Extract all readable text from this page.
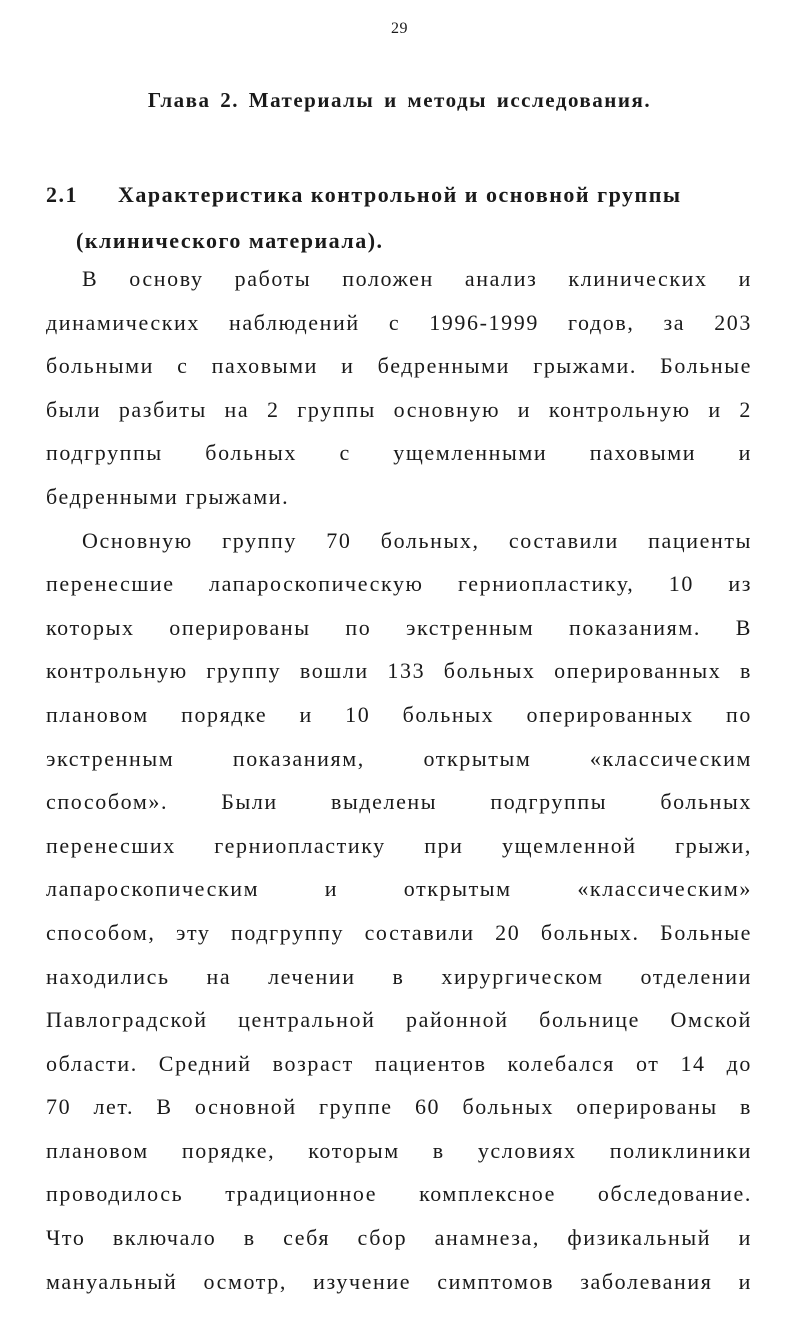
29
Глава 2. Материалы и методы исследования.
2.1 Характеристика контрольной и основной группы
(клинического материала).
В основу работы положен анализ клинических и
динамических наблюдений с 1996-1999 годов, за 203
больными с паховыми и бедренными грыжами. Больные
были разбиты на 2 группы основную и контрольную и 2
подгруппы больных с ущемленными паховыми и
бедренными грыжами.
Основную группу 70 больных, составили пациенты
перенесшие лапароскопическую герниопластику, 10 из
которых оперированы по экстренным показаниям. В
контрольную группу вошли 133 больных оперированных в
плановом порядке и 10 больных оперированных по
экстренным показаниям, открытым «классическим
способом». Были выделены подгруппы больных
перенесших герниопластику при ущемленной грыжи,
лапароскопическим и открытым «классическим»
способом, эту подгруппу составили 20 больных. Больные
находились на лечении в хирургическом отделении
Павлоградской центральной районной больнице Омской
области. Средний возраст пациентов колебался от 14 до
70 лет. В основной группе 60 больных оперированы в
плановом порядке, которым в условиях поликлиники
проводилось традиционное комплексное обследование.
Что включало в себя сбор анамнеза, физикальный и
мануальный осмотр, изучение симптомов заболевания и
